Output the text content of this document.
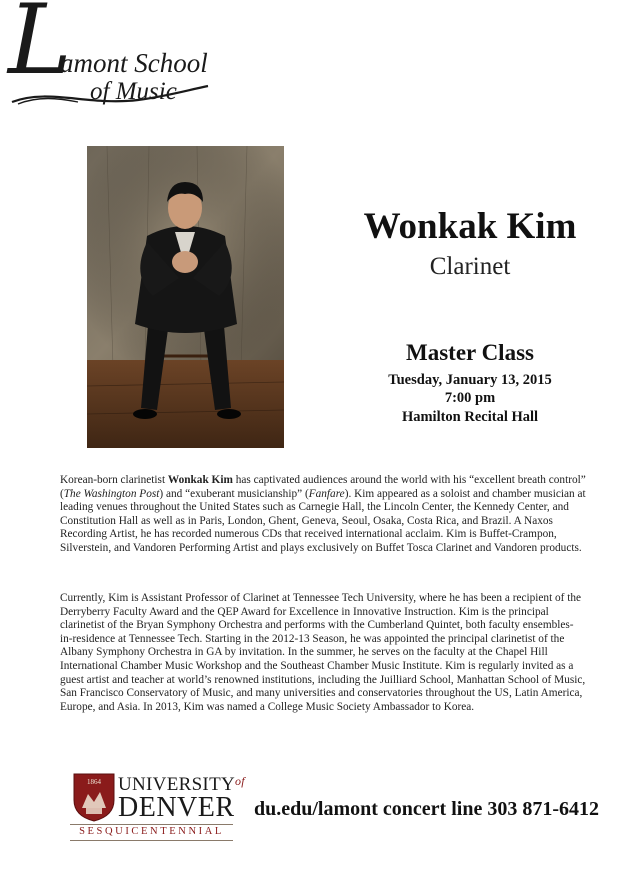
L
amont School
of Music
Wonkak Kim
Clarinet
Master Class
Tuesday, January 13, 2015
7:00 pm
Hamilton Recital Hall

Korean-born clarinetist Wonkak Kim has captivated audiences around the world with his “excellent breath control” (The Washington Post) and “exuberant musicianship” (Fanfare). Kim appeared as a soloist and chamber musician at leading venues throughout the United States such as Carnegie Hall, the Lincoln Center, the Kennedy Center, and Constitution Hall as well as in Paris, London, Ghent, Geneva, Seoul, Osaka, Costa Rica, and Brazil. A Naxos Recording Artist, he has recorded numerous CDs that received international acclaim. Kim is Buffet-Crampon, Silverstein, and Vandoren Performing Artist and plays exclusively on Buffet Tosca Clarinet and Vandoren products.

Currently, Kim is Assistant Professor of Clarinet at Tennessee Tech University, where he has been a recipient of the Derryberry Faculty Award and the QEP Award for Excellence in Innovative Instruction. Kim is the principal clarinetist of the Bryan Symphony Orchestra and performs with the Cumberland Quintet, both faculty ensembles-in-residence at Tennessee Tech. Starting in the 2012-13 Season, he was appointed the principal clarinetist of the Albany Symphony Orchestra in GA by invitation. In the summer, he serves on the faculty at the Chapel Hill International Chamber Music Workshop and the Southeast Chamber Music Institute. Kim is regularly invited as a guest artist and teacher at world’s renowned institutions, including the Juilliard School, Manhattan School of Music, San Francisco Conservatory of Music, and many universities and conservatories throughout the US, Latin America, Europe, and Asia. In 2013, Kim was named a College Music Society Ambassador to Korea.

1864 $UNIVERSITY^{of}$
DENVER
SESQUICENTENNIAL
du.edu/lamont concert line 303 871-6412
